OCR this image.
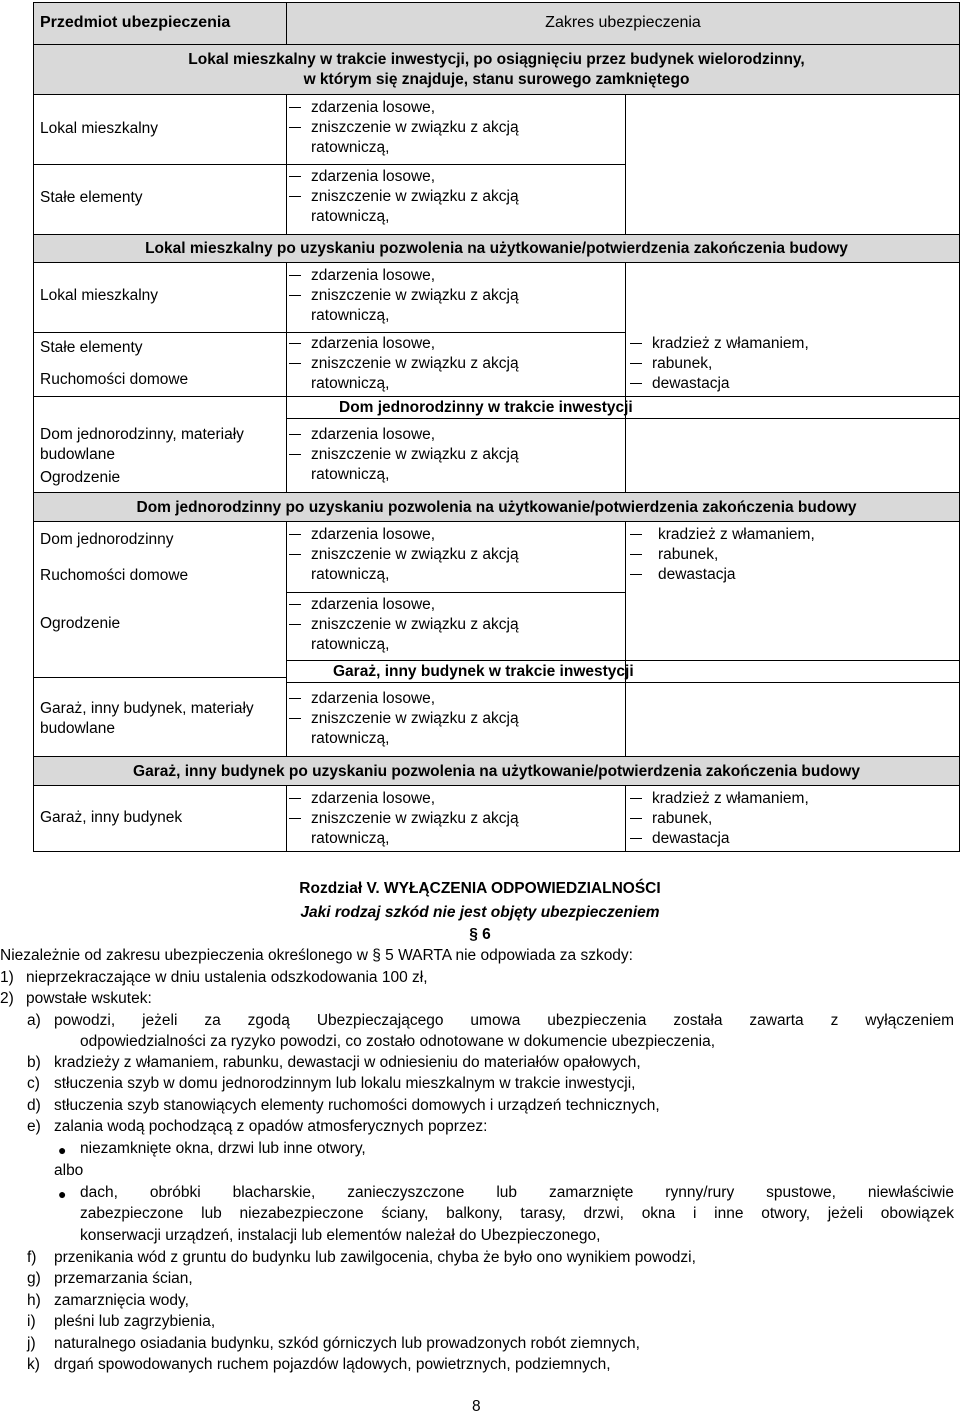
Przedmiot ubezpieczenia	Zakres ubezpieczenia
Lokal mieszkalny w trakcie inwestycji, po osiągnięciu przez budynek wielorodzinny,
w którym się znajduje, stanu surowego zamkniętego
Lokal mieszkalny
Stałe elementy
zdarzenia losowe,
zniszczenie w związku z akcją
ratowniczą,
zdarzenia losowe,
zniszczenie w związku z akcją
ratowniczą,
Lokal mieszkalny po uzyskaniu pozwolenia na użytkowanie/potwierdzenia zakończenia budowy
Lokal mieszkalny
Stałe elementy
Ruchomości domowe
Dom jednorodzinny, materiały
budowlane
Ogrodzenie
zdarzenia losowe,
zniszczenie w związku z akcją
ratowniczą,
zdarzenia losowe,
zniszczenie w związku z akcją
ratowniczą,
Dom jednorodzinny w trakcie inwestycji
zdarzenia losowe,
zniszczenie w związku z akcją
ratowniczą,
kradzież z włamaniem,
rabunek,
dewastacja
Dom jednorodzinny po uzyskaniu pozwolenia na użytkowanie/potwierdzenia zakończenia budowy
Dom jednorodzinny
Ruchomości domowe
Ogrodzenie
Garaż, inny budynek, materiały
budowlane
zdarzenia losowe,
zniszczenie w związku z akcją
ratowniczą,
zdarzenia losowe,
zniszczenie w związku z akcją
ratowniczą,
Garaż, inny budynek w trakcie inwestycji
zdarzenia losowe,
zniszczenie w związku z akcją
ratowniczą,
kradzież z włamaniem,
rabunek,
dewastacja
Garaż, inny budynek po uzyskaniu pozwolenia na użytkowanie/potwierdzenia zakończenia budowy
Garaż, inny budynek
zdarzenia losowe,
zniszczenie w związku z akcją
ratowniczą,
kradzież z włamaniem,
rabunek,
dewastacja
Rozdział V. WYŁĄCZENIA ODPOWIEDZIALNOŚCI
Jaki rodzaj szkód nie jest objęty ubezpieczeniem
§ 6
Niezależnie od zakresu ubezpieczenia określonego w § 5 WARTA nie odpowiada za szkody:
1) nieprzekraczające w dniu ustalenia odszkodowania 100 zł,
2) powstałe wskutek:
a) powodzi, jeżeli za zgodą Ubezpieczającego umowa ubezpieczenia została zawarta z wyłączeniem
odpowiedzialności za ryzyko powodzi, co zostało odnotowane w dokumencie ubezpieczenia,
b) kradzieży z włamaniem, rabunku, dewastacji w odniesieniu do materiałów opałowych,
c) stłuczenia szyb w domu jednorodzinnym lub lokalu mieszkalnym w trakcie inwestycji,
d) stłuczenia szyb stanowiących elementy ruchomości domowych i urządzeń technicznych,
e) zalania wodą pochodzącą z opadów atmosferycznych poprzez:
● niezamknięte okna, drzwi lub inne otwory,
albo
● dach, obróbki blacharskie, zanieczyszczone lub zamarznięte rynny/rury spustowe, niewłaściwie
zabezpieczone lub niezabezpieczone ściany, balkony, tarasy, drzwi, okna i inne otwory, jeżeli obowiązek
konserwacji urządzeń, instalacji lub elementów należał do Ubezpieczonego,
f) przenikania wód z gruntu do budynku lub zawilgocenia, chyba że było ono wynikiem powodzi,
g) przemarzania ścian,
h) zamarznięcia wody,
i) pleśni lub zagrzybienia,
j) naturalnego osiadania budynku, szkód górniczych lub prowadzonych robót ziemnych,
k) drgań spowodowanych ruchem pojazdów lądowych, powietrznych, podziemnych,
8
